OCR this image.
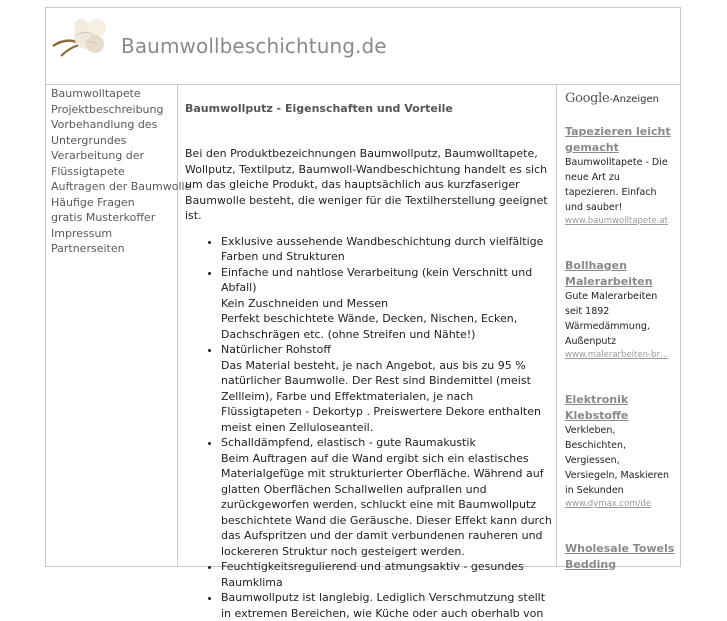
Baumwollbeschichtung.de
Baumwolltapete
Projektbeschreibung
Vorbehandlung des
Untergrundes
Verarbeitung der
Flüssigtapete
Auftragen der Baumwolle
Häufige Fragen
gratis Musterkoffer
Impressum
Partnerseiten
Baumwollputz - Eigenschaften und Vorteile

Bei den Produktbezeichnungen Baumwollputz, Baumwolltapete, Wollputz, Textilputz, Baumwoll-Wandbeschichtung handelt es sich um das gleiche Produkt, das hauptsächlich aus kurzfaseriger Baumwolle besteht, die weniger für die Textilherstellung geeignet ist.

• Exklusive aussehende Wandbeschichtung durch vielfältige Farben und Strukturen
• Einfache und nahtlose Verarbeitung (kein Verschnitt und Abfall)
Kein Zuschneiden und Messen
Perfekt beschichtete Wände, Decken, Nischen, Ecken, Dachschrägen etc. (ohne Streifen und Nähte!)
• Natürlicher Rohstoff
Das Material besteht, je nach Angebot, aus bis zu 95 % natürlicher Baumwolle. Der Rest sind Bindemittel (meist Zellleim), Farbe und Effektmaterialen, je nach Flüssigtapeten - Dekortyp . Preiswertere Dekore enthalten meist einen Zelluloseanteil.
• Schalldämpfend, elastisch - gute Raumakustik
Beim Auftragen auf die Wand ergibt sich ein elastisches Materialgefüge mit strukturierter Oberfläche. Während auf glatten Oberflächen Schallwellen aufprallen und zurückgeworfen werden, schluckt eine mit Baumwollputz beschichtete Wand die Geräusche. Dieser Effekt kann durch das Aufspritzen und der damit verbundenen rauheren und lockereren Struktur noch gesteigert werden.
• Feuchtigkeitsregulierend und atmungsaktiv - gesundes Raumklima
• Baumwollputz ist langlebig. Lediglich Verschmutzung stellt in extremen Bereichen, wie Küche oder auch oberhalb von
Google-Anzeigen
Tapezieren leicht gemacht
Baumwolltapete - Die neue Art zu tapezieren. Einfach und sauber!
www.baumwolltapete.at
Bollhagen Malerarbeiten
Gute Malerarbeiten seit 1892 Wärmedämmung, Außenputz
www.malerarbeiten-br…
Elektronik Klebstoffe
Verkleben, Beschichten, Vergiessen, Versiegeln, Maskieren in Sekunden
www.dymax.com/de
Wholesale Towels Bedding
